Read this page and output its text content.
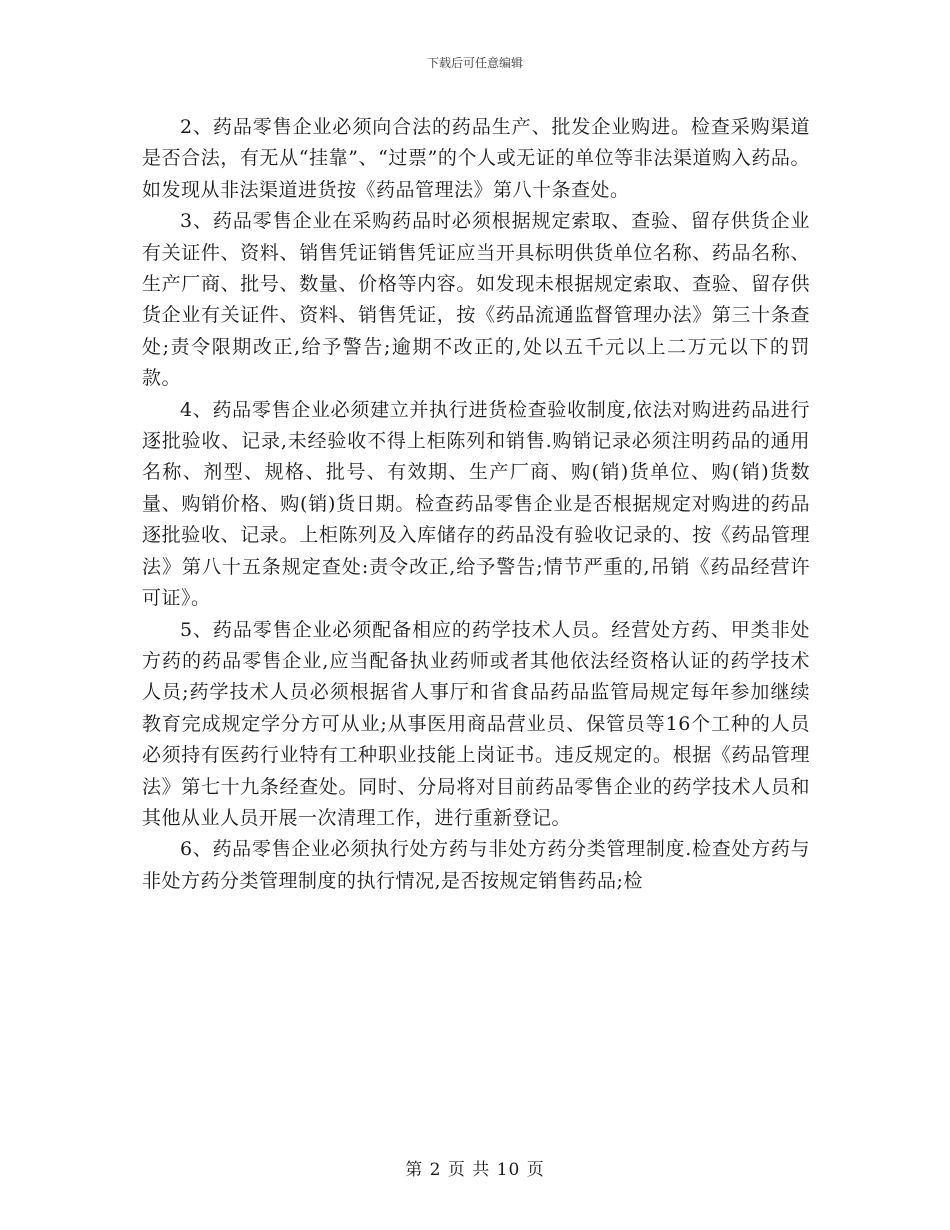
下载后可任意编辑

2、药品零售企业必须向合法的药品生产、批发企业购进。检查采购渠道是否合法，有无从“挂靠”、“过票”的个人或无证的单位等非法渠道购入药品。如发现从非法渠道进货按《药品管理法》第八十条查处。

3、药品零售企业在采购药品时必须根据规定索取、查验、留存供货企业有关证件、资料、销售凭证销售凭证应当开具标明供货单位名称、药品名称、生产厂商、批号、数量、价格等内容。如发现未根据规定索取、查验、留存供货企业有关证件、资料、销售凭证，按《药品流通监督管理办法》第三十条查处;责令限期改正,给予警告;逾期不改正的,处以五千元以上二万元以下的罚款。

4、药品零售企业必须建立并执行进货检查验收制度,依法对购进药品进行逐批验收、记录,未经验收不得上柜陈列和销售.购销记录必须注明药品的通用名称、剂型、规格、批号、有效期、生产厂商、购(销)货单位、购(销)货数量、购销价格、购(销)货日期。检查药品零售企业是否根据规定对购进的药品逐批验收、记录。上柜陈列及入库储存的药品没有验收记录的、按《药品管理法》第八十五条规定查处:责令改正,给予警告;情节严重的,吊销《药品经营许可证》。

5、药品零售企业必须配备相应的药学技术人员。经营处方药、甲类非处方药的药品零售企业,应当配备执业药师或者其他依法经资格认证的药学技术人员;药学技术人员必须根据省人事厅和省食品药品监管局规定每年参加继续教育完成规定学分方可从业;从事医用商品营业员、保管员等16个工种的人员必须持有医药行业特有工种职业技能上岗证书。违反规定的。根据《药品管理法》第七十九条经查处。同时、分局将对目前药品零售企业的药学技术人员和其他从业人员开展一次清理工作，进行重新登记。

6、药品零售企业必须执行处方药与非处方药分类管理制度.检查处方药与非处方药分类管理制度的执行情况,是否按规定销售药品;检

第 2 页 共 10 页
